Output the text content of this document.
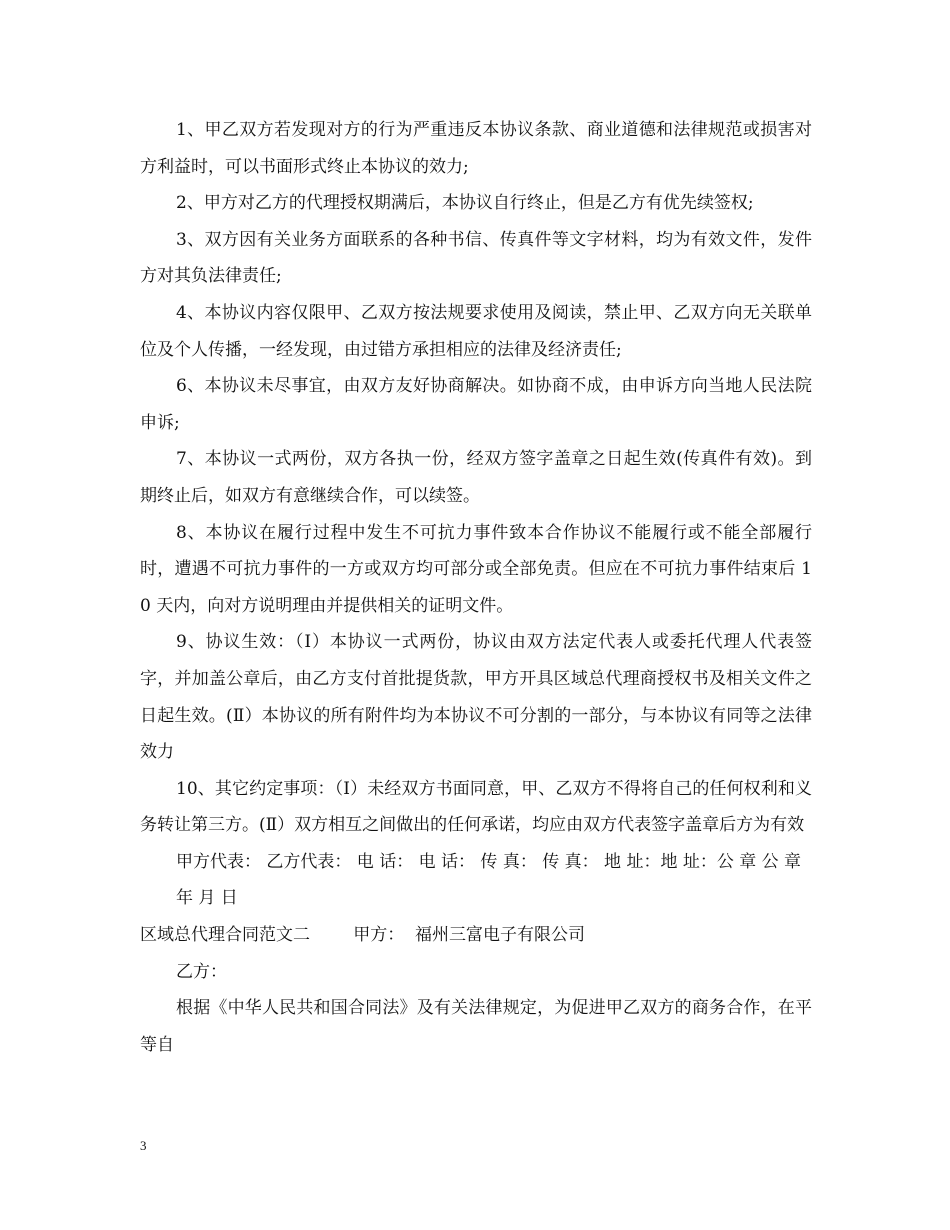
1、甲乙双方若发现对方的行为严重违反本协议条款、商业道德和法律规范或损害对方利益时，可以书面形式终止本协议的效力;

2、甲方对乙方的代理授权期满后，本协议自行终止，但是乙方有优先续签权;

3、双方因有关业务方面联系的各种书信、传真件等文字材料，均为有效文件，发件方对其负法律责任;

4、本协议内容仅限甲、乙双方按法规要求使用及阅读，禁止甲、乙双方向无关联单位及个人传播，一经发现，由过错方承担相应的法律及经济责任;

6、本协议未尽事宜，由双方友好协商解决。如协商不成，由申诉方向当地人民法院申诉;

7、本协议一式两份，双方各执一份，经双方签字盖章之日起生效(传真件有效)。到期终止后，如双方有意继续合作，可以续签。

8、本协议在履行过程中发生不可抗力事件致本合作协议不能履行或不能全部履行时，遭遇不可抗力事件的一方或双方均可部分或全部免责。但应在不可抗力事件结束后 10 天内，向对方说明理由并提供相关的证明文件。

9、协议生效：（Ⅰ）本协议一式两份，协议由双方法定代表人或委托代理人代表签字，并加盖公章后，由乙方支付首批提货款，甲方开具区域总代理商授权书及相关文件之日起生效。(Ⅱ）本协议的所有附件均为本协议不可分割的一部分，与本协议有同等之法律效力

10、其它约定事项：（Ⅰ）未经双方书面同意，甲、乙双方不得将自己的任何权利和义务转让第三方。(Ⅱ）双方相互之间做出的任何承诺，均应由双方代表签字盖章后方为有效

甲方代表： 乙方代表： 电 话： 电 话： 传 真： 传 真： 地 址：地 址：公 章 公 章

年 月 日

区域总代理合同范文二        甲方：  福州三富电子有限公司

乙方：

根据《中华人民共和国合同法》及有关法律规定，为促进甲乙双方的商务合作，在平等自

3
